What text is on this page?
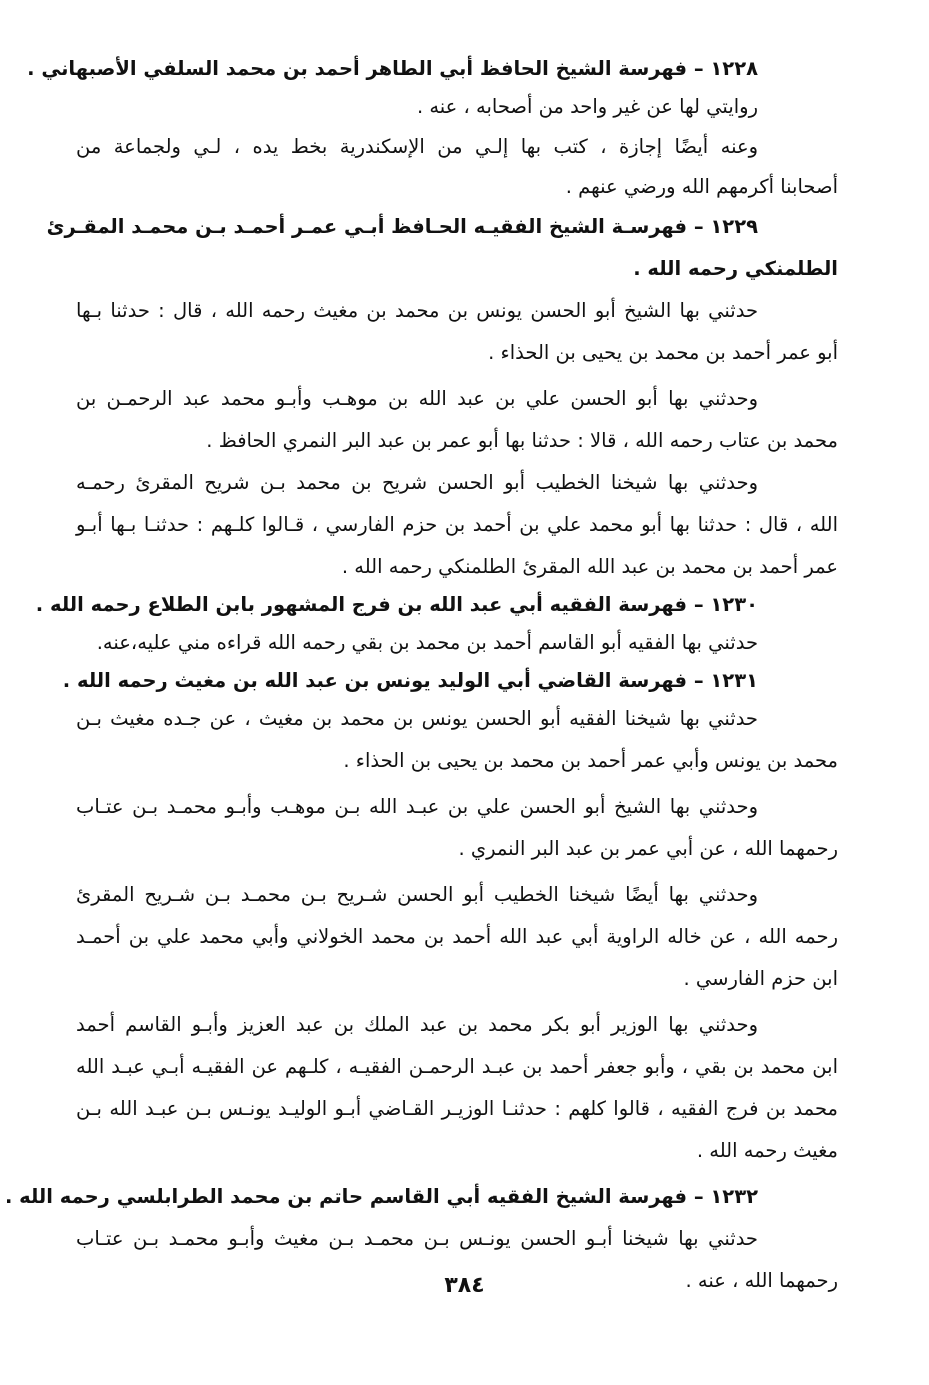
١٢٢٨ – فهرسة الشيخ الحافظ أبي الطاهر أحمد بن محمد السلفي الأصبهاني .

روايتي لها عن غير واحد من أصحابه ، عنه .

وعنه أيضًا إجازة ، كتب بها إلـي من الإسكندرية بخط يده ، لـي ولجماعة من

أصحابنا أكرمهم الله ورضي عنهم .

١٢٢٩ – فهرسـة الشيخ الفقيـه الحـافظ أبـي عمـر أحمـد بـن محمـد المقـرئ

الطلمنكي رحمه الله .

حدثني بها الشيخ أبو الحسن يونس بن محمد بن مغيث رحمه الله ، قال : حدثنا بـها

أبو عمر أحمد بن محمد بن يحيى بن الحذاء .

وحدثني بها أبو الحسن علي بن عبد الله بن موهـب وأبـو محمد عبد الرحمـن بن

محمد بن عتاب رحمه الله ، قالا : حدثنا بها أبو عمر بن عبد البر النمري الحافظ .

وحدثني بها شيخنا الخطيب أبو الحسن شريح بن محمد بـن شريح المقرئ رحمـه

الله ، قال : حدثنا بها أبو محمد علي بن أحمد بن حزم الفارسي ، قـالوا كلـهم : حدثنـا بـها أبـو

عمر أحمد بن محمد بن عبد الله المقرئ الطلمنكي رحمه الله .

١٢٣٠ – فهرسة الفقيه أبي عبد الله بن فرج المشهور بابن الطلاع رحمه الله .

حدثني بها الفقيه أبو القاسم أحمد بن محمد بن بقي رحمه الله قراءه مني عليه،عنه.

١٢٣١ – فهرسة القاضي أبي الوليد يونس بن عبد الله بن مغيث رحمه الله .

حدثني بها شيخنا الفقيه أبو الحسن يونس بن محمد بن مغيث ، عن جـده مغيث بـن

محمد بن يونس وأبي عمر أحمد بن محمد بن يحيى بن الحذاء .

وحدثني بها الشيخ أبو الحسن علي بن عبـد الله بـن موهـب وأبـو محمـد بـن عتـاب

رحمهما الله ، عن أبي عمر بن عبد البر النمري .

وحدثني بها أيضًا شيخنا الخطيب أبو الحسن شـريح بـن محمـد بـن شـريح المقرئ

رحمه الله ، عن خاله الراوية أبي عبد الله أحمد بن محمد الخولاني وأبي محمد علي بن أحمـد

ابن حزم الفارسي .

وحدثني بها الوزير أبو بكر محمد بن عبد الملك بن عبد العزيز وأبـو القاسم أحمد

ابن محمد بن بقي ، وأبو جعفر أحمد بن عبـد الرحمـن الفقيـه ، كلـهم عن الفقيـه أبـي عبـد الله

محمد بن فرج الفقيه ، قالوا كلهم : حدثنـا الوزيـر القـاضي أبـو الوليـد يونـس بـن عبـد الله بـن

مغيث رحمه الله .

١٢٣٢ – فهرسة الشيخ الفقيه أبي القاسم حاتم بن محمد الطرابلسي رحمه الله .

حدثني بها شيخنا أبـو الحسن يونـس بـن محمـد بـن مغيث وأبـو محمـد بـن عتـاب

رحمهما الله ، عنه .

٣٨٤
